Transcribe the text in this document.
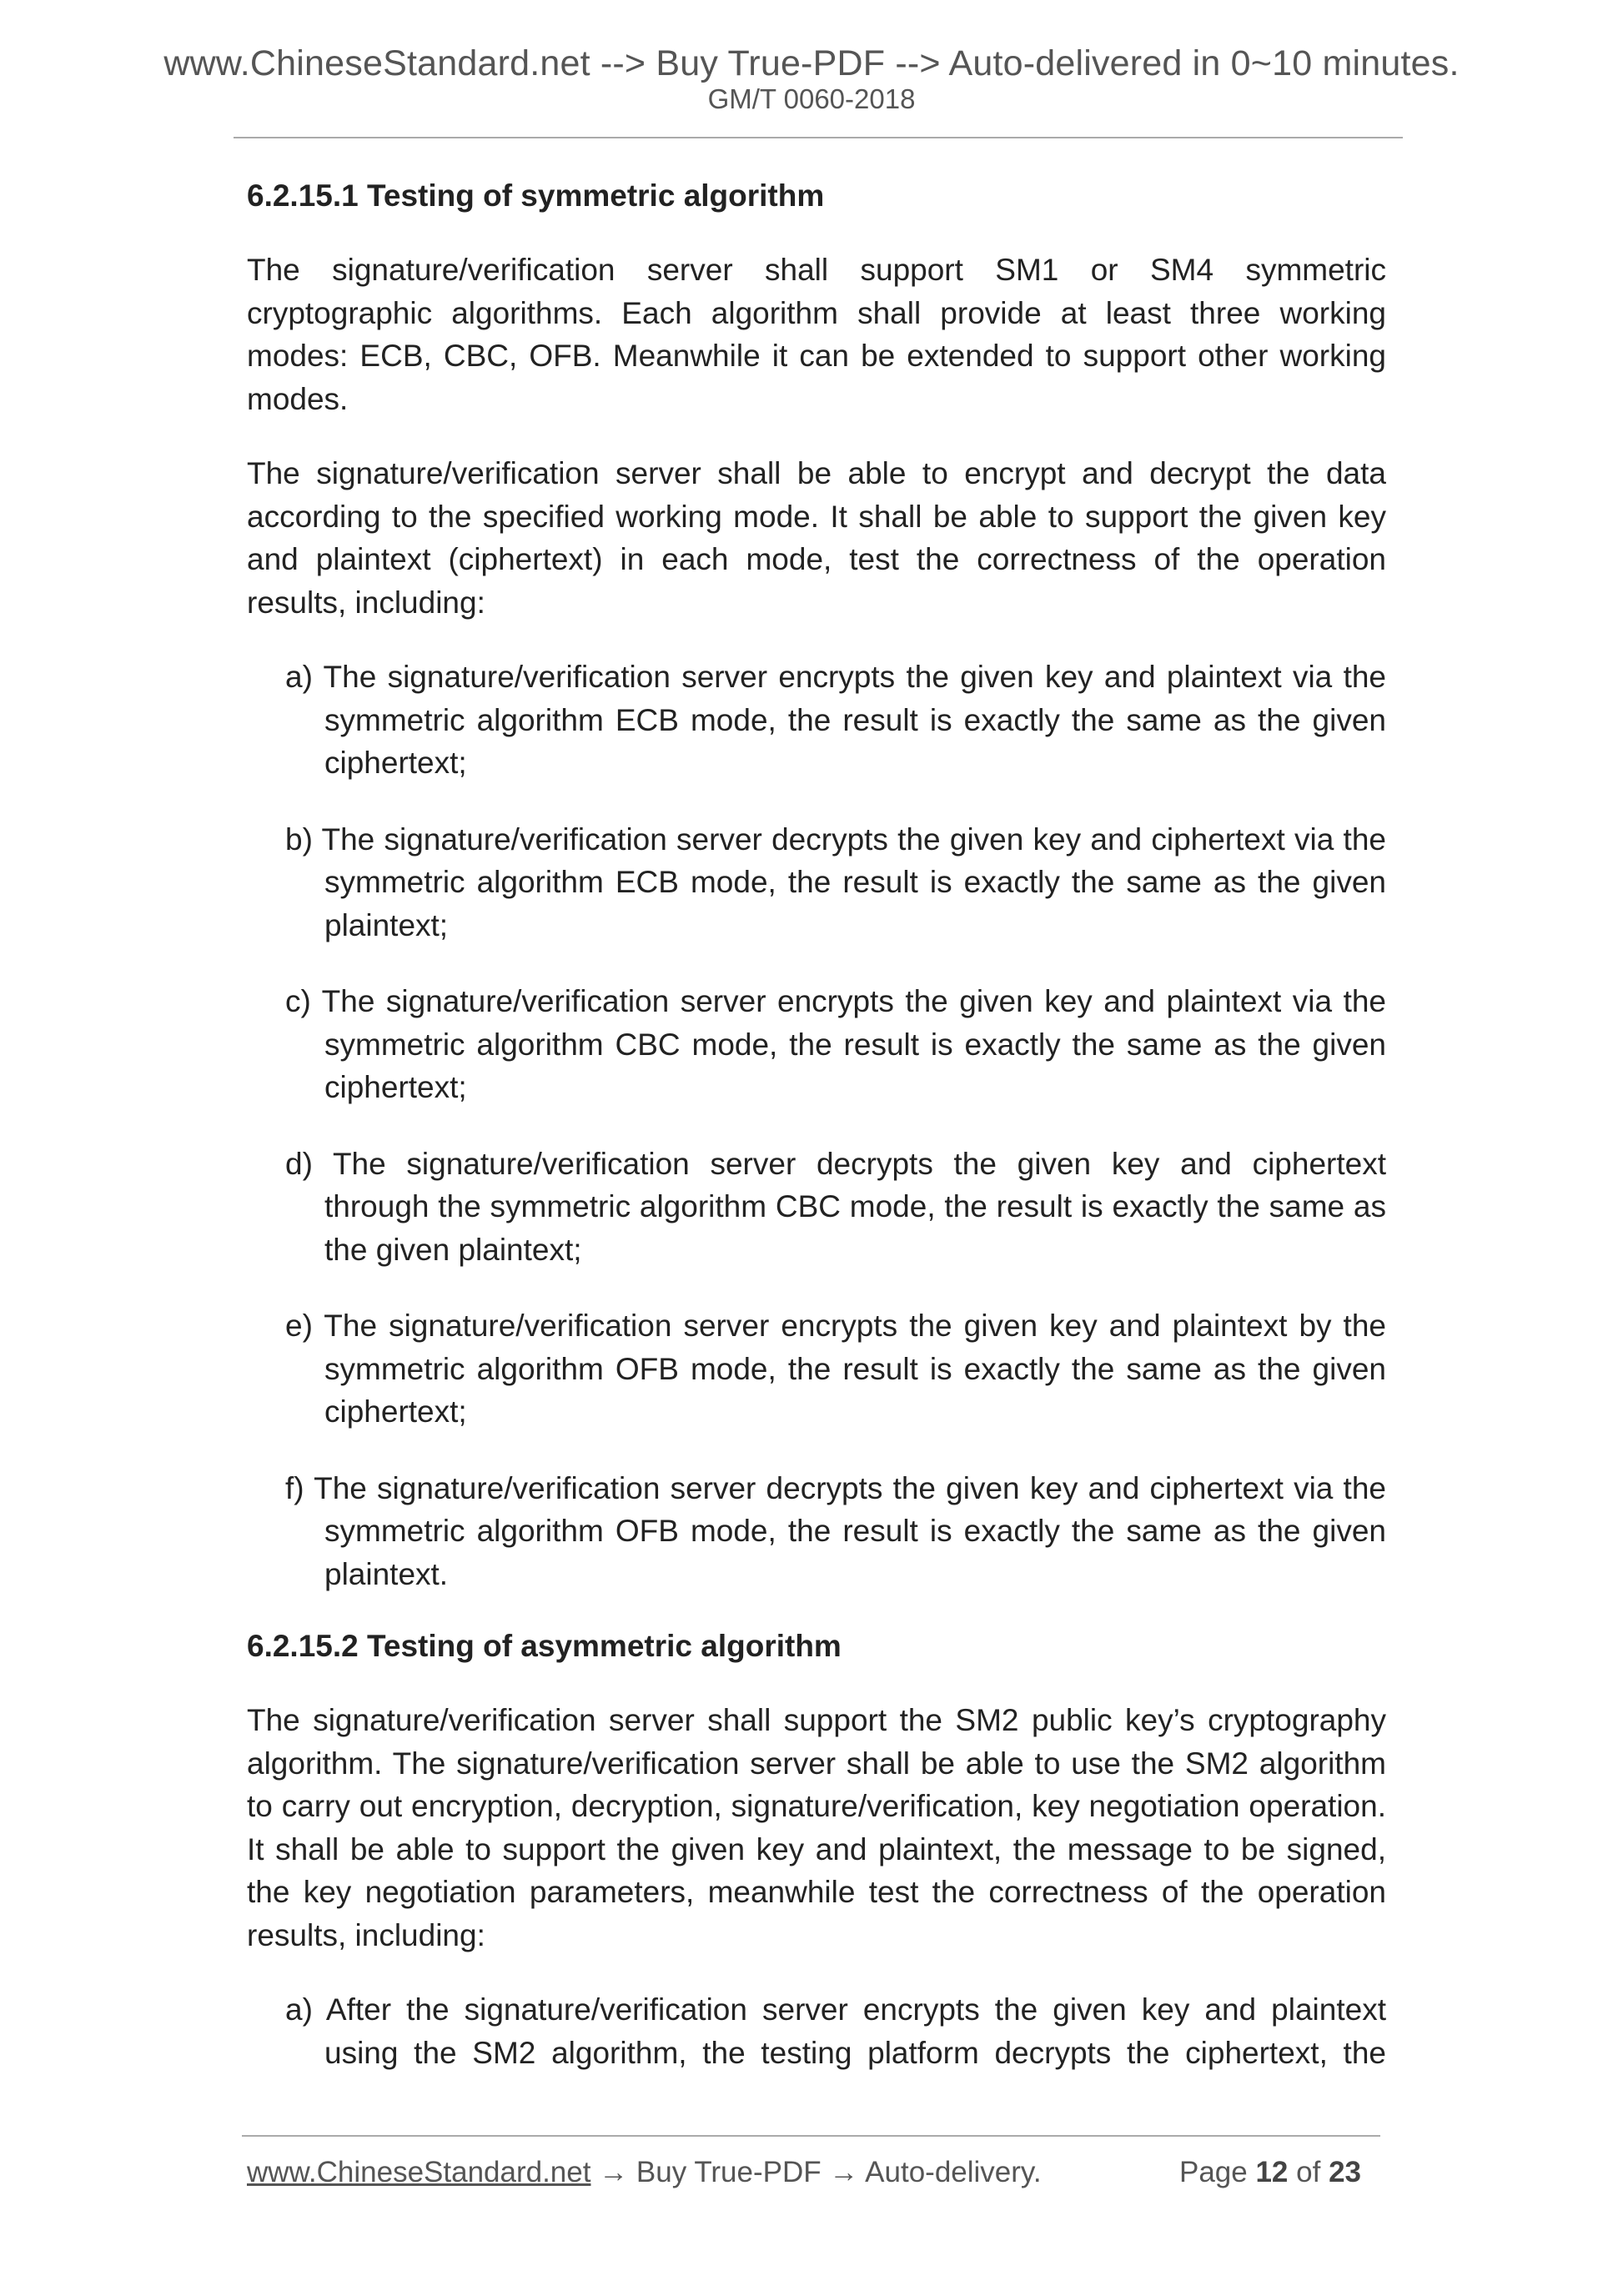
www.ChineseStandard.net --> Buy True-PDF --> Auto-delivered in 0~10 minutes.
GM/T 0060-2018
6.2.15.1 Testing of symmetric algorithm
The signature/verification server shall support SM1 or SM4 symmetric cryptographic algorithms. Each algorithm shall provide at least three working modes: ECB, CBC, OFB. Meanwhile it can be extended to support other working modes.
The signature/verification server shall be able to encrypt and decrypt the data according to the specified working mode. It shall be able to support the given key and plaintext (ciphertext) in each mode, test the correctness of the operation results, including:
a) The signature/verification server encrypts the given key and plaintext via the symmetric algorithm ECB mode, the result is exactly the same as the given ciphertext;
b) The signature/verification server decrypts the given key and ciphertext via the symmetric algorithm ECB mode, the result is exactly the same as the given plaintext;
c) The signature/verification server encrypts the given key and plaintext via the symmetric algorithm CBC mode, the result is exactly the same as the given ciphertext;
d) The signature/verification server decrypts the given key and ciphertext through the symmetric algorithm CBC mode, the result is exactly the same as the given plaintext;
e) The signature/verification server encrypts the given key and plaintext by the symmetric algorithm OFB mode, the result is exactly the same as the given ciphertext;
f) The signature/verification server decrypts the given key and ciphertext via the symmetric algorithm OFB mode, the result is exactly the same as the given plaintext.
6.2.15.2 Testing of asymmetric algorithm
The signature/verification server shall support the SM2 public key’s cryptography algorithm. The signature/verification server shall be able to use the SM2 algorithm to carry out encryption, decryption, signature/verification, key negotiation operation. It shall be able to support the given key and plaintext, the message to be signed, the key negotiation parameters, meanwhile test the correctness of the operation results, including:
a) After the signature/verification server encrypts the given key and plaintext using the SM2 algorithm, the testing platform decrypts the ciphertext, the
www.ChineseStandard.net → Buy True-PDF → Auto-delivery.	Page 12 of 23
